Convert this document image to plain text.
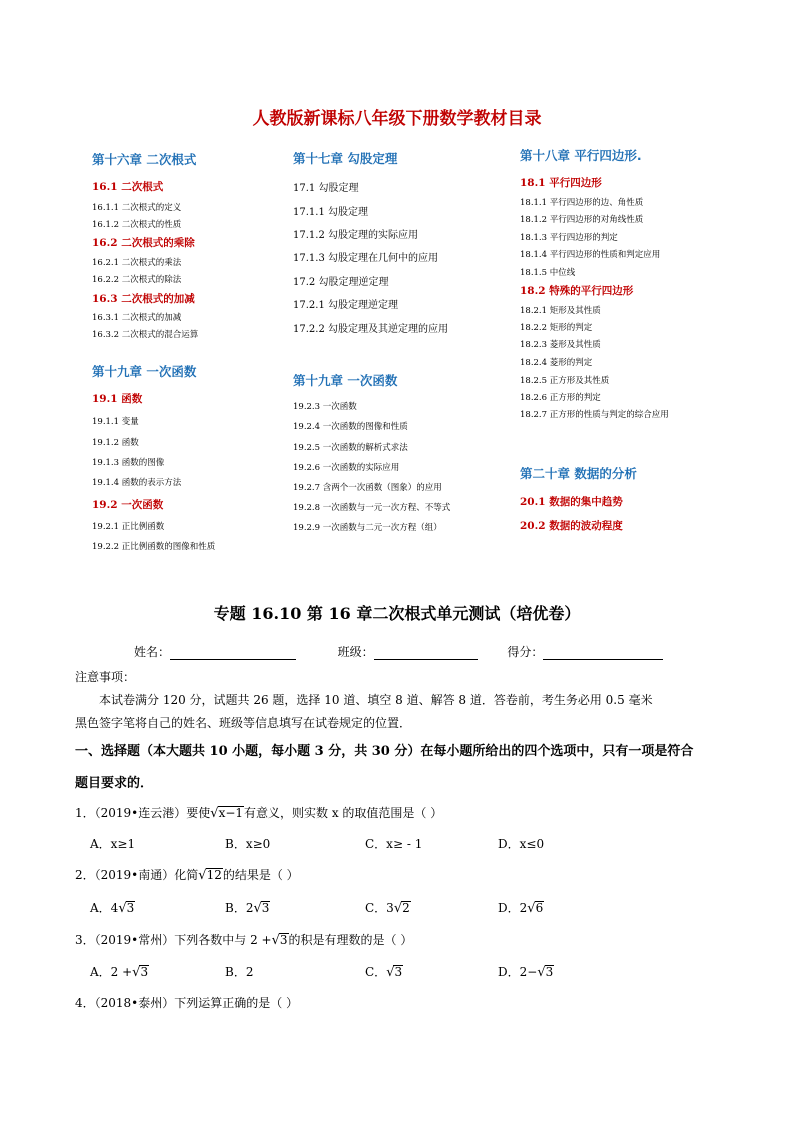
人教版新课标八年级下册数学教材目录
第十六章 二次根式
16.1 二次根式
16.1.1 二次根式的定义
16.1.2 二次根式的性质
16.2 二次根式的乘除
16.2.1 二次根式的乘法
16.2.2 二次根式的除法
16.3 二次根式的加减
16.3.1 二次根式的加减
16.3.2 二次根式的混合运算
第十九章 一次函数
19.1 函数
19.1.1 变量
19.1.2 函数
19.1.3 函数的图像
19.1.4 函数的表示方法
19.2 一次函数
19.2.1 正比例函数
19.2.2 正比例函数的图像和性质
第十七章 勾股定理
17.1 勾股定理
17.1.1 勾股定理
17.1.2 勾股定理的实际应用
17.1.3 勾股定理在几何中的应用
17.2 勾股定理逆定理
17.2.1 勾股定理逆定理
17.2.2 勾股定理及其逆定理的应用
第十九章 一次函数
19.2.3 一次函数
19.2.4 一次函数的图像和性质
19.2.5 一次函数的解析式求法
19.2.6 一次函数的实际应用
19.2.7 含两个一次函数（图象）的应用
19.2.8 一次函数与一元一次方程、不等式
19.2.9 一次函数与二元一次方程（组）
第十八章 平行四边形.
18.1 平行四边形
18.1.1 平行四边形的边、角性质
18.1.2 平行四边形的对角线性质
18.1.3 平行四边形的判定
18.1.4 平行四边形的性质和判定应用
18.1.5 中位线
18.2 特殊的平行四边形
18.2.1 矩形及其性质
18.2.2 矩形的判定
18.2.3 菱形及其性质
18.2.4 菱形的判定
18.2.5 正方形及其性质
18.2.6 正方形的判定
18.2.7 正方形的性质与判定的综合应用
第二十章 数据的分析
20.1 数据的集中趋势
20.2 数据的波动程度
专题 16.10 第 16 章二次根式单元测试（培优卷）
姓名：	班级：	得分：
注意事项：
本试卷满分 120 分，试题共 26 题，选择 10 道、填空 8 道、解答 8 道．答卷前，考生务必用 0.5 毫米
黑色签字笔将自己的姓名、班级等信息填写在试卷规定的位置．
一、选择题（本大题共 10 小题，每小题 3 分，共 30 分）在每小题所给出的四个选项中，只有一项是符合
题目要求的．
1．（2019•连云港）要使√x−1有意义，则实数 x 的取值范围是（ ）
A．x≥1	B．x≥0	C．x≥ - 1	D．x≤0
2．（2019•南通）化简√12的结果是（ ）
A．4√3	B．2√3	C．3√2	D．2√6
3．（2019•常州）下列各数中与 2 +√3的积是有理数的是（ ）
A．2 +√3	B．2	C．√3	D．2−√3
4．（2018•泰州）下列运算正确的是（ ）
